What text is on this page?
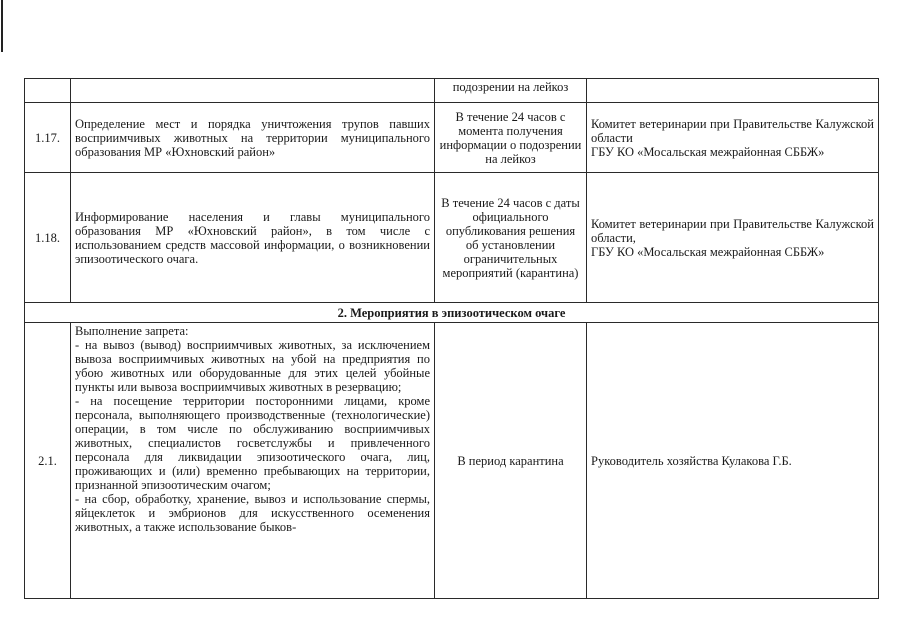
		подозрении на лейкоз	
1.17.	Определение мест и порядка уничтожения трупов павших восприимчивых животных на территории муниципального образования МР «Юхновский район»	В течение 24 часов с момента получения информации о подозрении на лейкоз	Комитет ветеринарии при Правительстве Калужской области
ГБУ КО «Мосальская межрайонная СББЖ»

1.18.	Информирование населения и главы муниципального образования МР «Юхновский район», в том числе с использованием средств массовой информации, о возникновении эпизоотического очага.	В течение 24 часов с даты официального опубликования решения об установлении ограничительных мероприятий (карантина)	Комитет ветеринарии при Правительстве Калужской области,
ГБУ КО «Мосальская межрайонная СББЖ»

2. Мероприятия в эпизоотическом очаге			
2.1.	Выполнение запрета:
- на вывоз (вывод) восприимчивых животных, за исключением вывоза восприимчивых животных на убой на предприятия по убою животных или оборудованные для этих целей убойные пункты или вывоза восприимчивых животных в резервацию;
- на посещение территории посторонними лицами, кроме персонала, выполняющего производственные (технологические) операции, в том числе по обслуживанию восприимчивых животных, специалистов госветслужбы и привлеченного персонала для ликвидации эпизоотического очага, лиц, проживающих и (или) временно пребывающих на территории, признанной эпизоотическим очагом;
- на сбор, обработку, хранение, вывоз и использование спермы, яйцеклеток и эмбрионов для искусственного осеменения животных, а также использование быков-	В период карантина	Руководитель хозяйства Кулакова Г.Б.
